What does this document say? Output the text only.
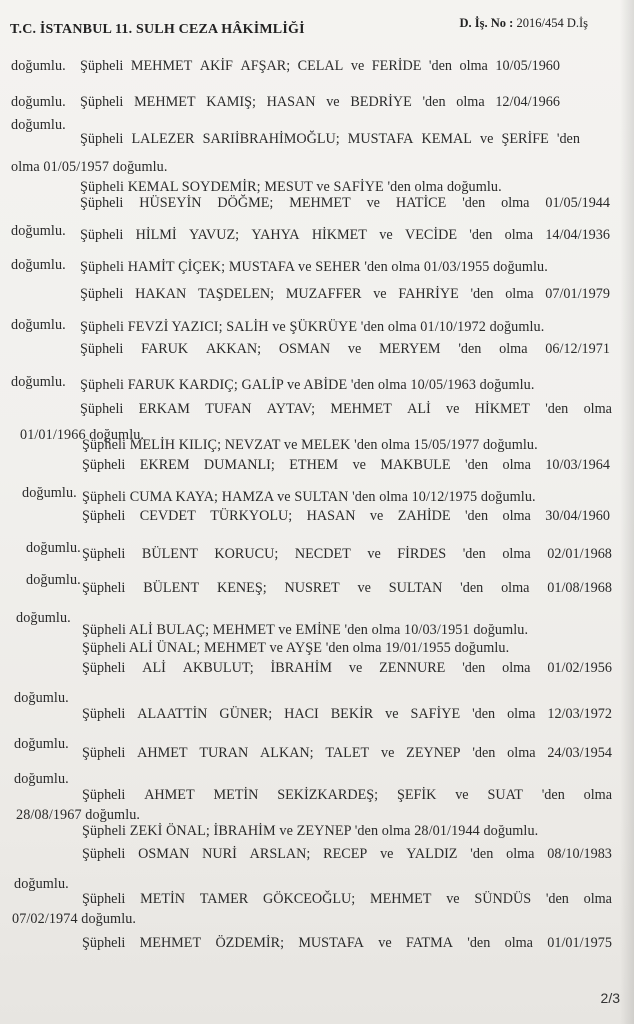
T.C. İSTANBUL 11. SULH CEZA HÂKİMLİĞİ	D. İş. No : 2016/454 D.İş
doğumlu. Şüpheli MEHMET AKİF AFŞAR; CELAL ve FERİDE 'den olma 10/05/1960
doğumlu. Şüpheli MEHMET KAMIŞ; HASAN ve BEDRİYE 'den olma 12/04/1966
doğumlu.
Şüpheli LALEZER SARIİBRAHİMOĞLU; MUSTAFA KEMAL ve ŞERİFE 'den
olma 01/05/1957 doğumlu.
Şüpheli KEMAL SOYDEMİR; MESUT ve SAFİYE 'den olma doğumlu.
Şüpheli HÜSEYİN DÖĞME; MEHMET ve HATİCE 'den olma 01/05/1944
doğumlu. Şüpheli HİLMİ YAVUZ; YAHYA HİKMET ve VECİDE 'den olma 14/04/1936
doğumlu. Şüpheli HAMİT ÇİÇEK; MUSTAFA ve SEHER 'den olma 01/03/1955 doğumlu.
Şüpheli HAKAN TAŞDELEN; MUZAFFER ve FAHRİYE 'den olma 07/01/1979
doğumlu. Şüpheli FEVZİ YAZICI; SALİH ve ŞÜKRÜYE 'den olma 01/10/1972 doğumlu.
Şüpheli FARUK AKKAN; OSMAN ve MERYEM 'den olma 06/12/1971
doğumlu. Şüpheli FARUK KARDIÇ; GALİP ve ABİDE 'den olma 10/05/1963 doğumlu.
Şüpheli ERKAM TUFAN AYTAV; MEHMET ALİ ve HİKMET 'den olma
01/01/1966 doğumlu.
Şüpheli MELİH KILIÇ; NEVZAT ve MELEK 'den olma 15/05/1977 doğumlu.
Şüpheli EKREM DUMANLI; ETHEM ve MAKBULE 'den olma 10/03/1964
doğumlu. Şüpheli CUMA KAYA; HAMZA ve SULTAN 'den olma 10/12/1975 doğumlu.
Şüpheli CEVDET TÜRKYOLU; HASAN ve ZAHİDE 'den olma 30/04/1960
doğumlu. Şüpheli BÜLENT KORUCU; NECDET ve FİRDES 'den olma 02/01/1968
doğumlu. Şüpheli BÜLENT KENEŞ; NUSRET ve SULTAN 'den olma 01/08/1968
doğumlu.
Şüpheli ALİ BULAÇ; MEHMET ve EMİNE 'den olma 10/03/1951 doğumlu.
Şüpheli ALİ ÜNAL; MEHMET ve AYŞE 'den olma 19/01/1955 doğumlu.
Şüpheli ALİ AKBULUT; İBRAHİM ve ZENNURE 'den olma 01/02/1956
doğumlu.
Şüpheli ALAATTİN GÜNER; HACI BEKİR ve SAFİYE 'den olma 12/03/1972
doğumlu.
Şüpheli AHMET TURAN ALKAN; TALET ve ZEYNEP 'den olma 24/03/1954
doğumlu.
Şüpheli AHMET METİN SEKİZKARDEŞ; ŞEFİK ve SUAT 'den olma
28/08/1967 doğumlu.
Şüpheli ZEKİ ÖNAL; İBRAHİM ve ZEYNEP 'den olma 28/01/1944 doğumlu.
Şüpheli OSMAN NURİ ARSLAN; RECEP ve YALDIZ 'den olma 08/10/1983
doğumlu.
Şüpheli METİN TAMER GÖKCEOĞLU; MEHMET ve SÜNDÜS 'den olma
07/02/1974 doğumlu.
Şüpheli MEHMET ÖZDEMİR; MUSTAFA ve FATMA 'den olma 01/01/1975
2/3
